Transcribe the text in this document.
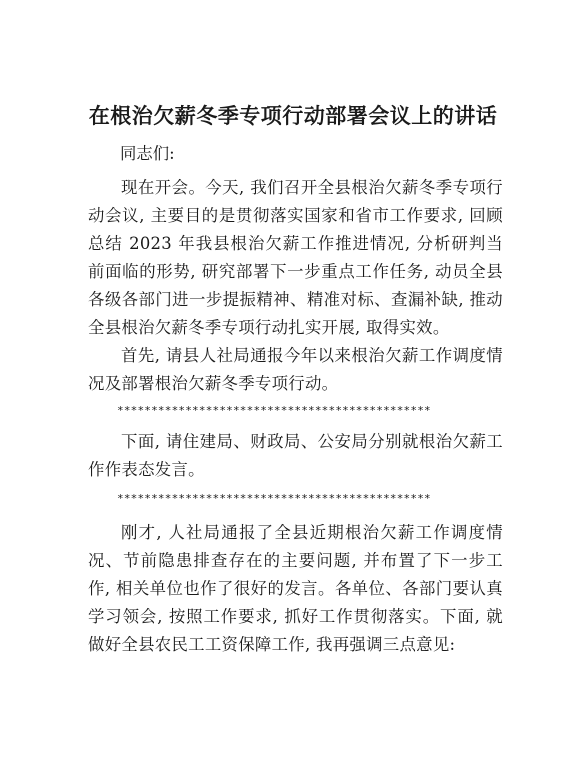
在根治欠薪冬季专项行动部署会议上的讲话

同志们:

现在开会。今天, 我们召开全县根治欠薪冬季专项行动会议, 主要目的是贯彻落实国家和省市工作要求, 回顾总结 2023 年我县根治欠薪工作推进情况, 分析研判当前面临的形势, 研究部署下一步重点工作任务, 动员全县各级各部门进一步提振精神、精准对标、查漏补缺, 推动全县根治欠薪冬季专项行动扎实开展, 取得实效。

首先, 请县人社局通报今年以来根治欠薪工作调度情况及部署根治欠薪冬季专项行动。

**********************************************

下面, 请住建局、财政局、公安局分别就根治欠薪工作作表态发言。

**********************************************

刚才, 人社局通报了全县近期根治欠薪工作调度情况、节前隐患排查存在的主要问题, 并布置了下一步工作, 相关单位也作了很好的发言。各单位、各部门要认真学习领会, 按照工作要求, 抓好工作贯彻落实。下面, 就做好全县农民工工资保障工作, 我再强调三点意见:
